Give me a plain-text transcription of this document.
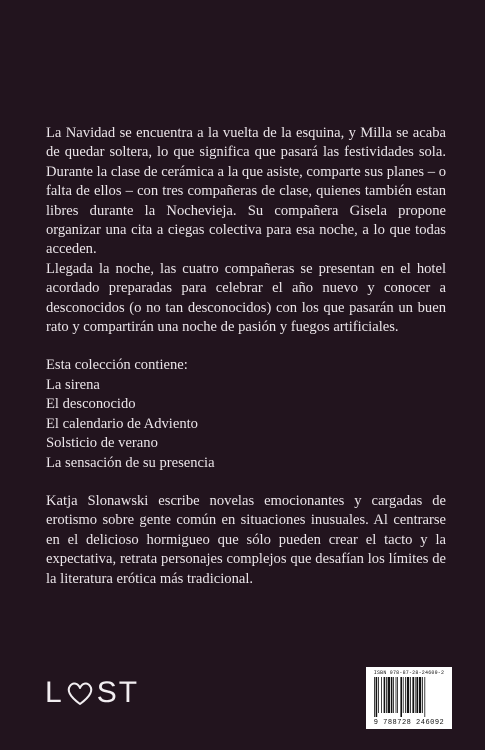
La Navidad se encuentra a la vuelta de la esquina, y Milla se acaba de quedar soltera, lo que significa que pasará las festividades sola. Durante la clase de cerámica a la que asiste, comparte sus planes – o falta de ellos – con tres compañeras de clase, quienes también estan libres durante la Nochevieja. Su compañera Gisela propone organizar una cita a ciegas colectiva para esa noche, a lo que todas acceden.

Llegada la noche, las cuatro compañeras se presentan en el hotel acordado preparadas para celebrar el año nuevo y conocer a desconocidos (o no tan desconocidos) con los que pasarán un buen rato y compartirán una noche de pasión y fuegos artificiales.

Esta colección contiene:
La sirena
El desconocido
El calendario de Adviento
Solsticio de verano
La sensación de su presencia

Katja Slonawski escribe novelas emocionantes y cargadas de erotismo sobre gente común en situaciones inusuales. Al centrarse en el delicioso hormigueo que sólo pueden crear el tacto y la expectativa, retrata personajes complejos que desafían los límites de la literatura erótica más tradicional.

L ST
ISBN 978-87-28-24609-2
9 788728 246092
